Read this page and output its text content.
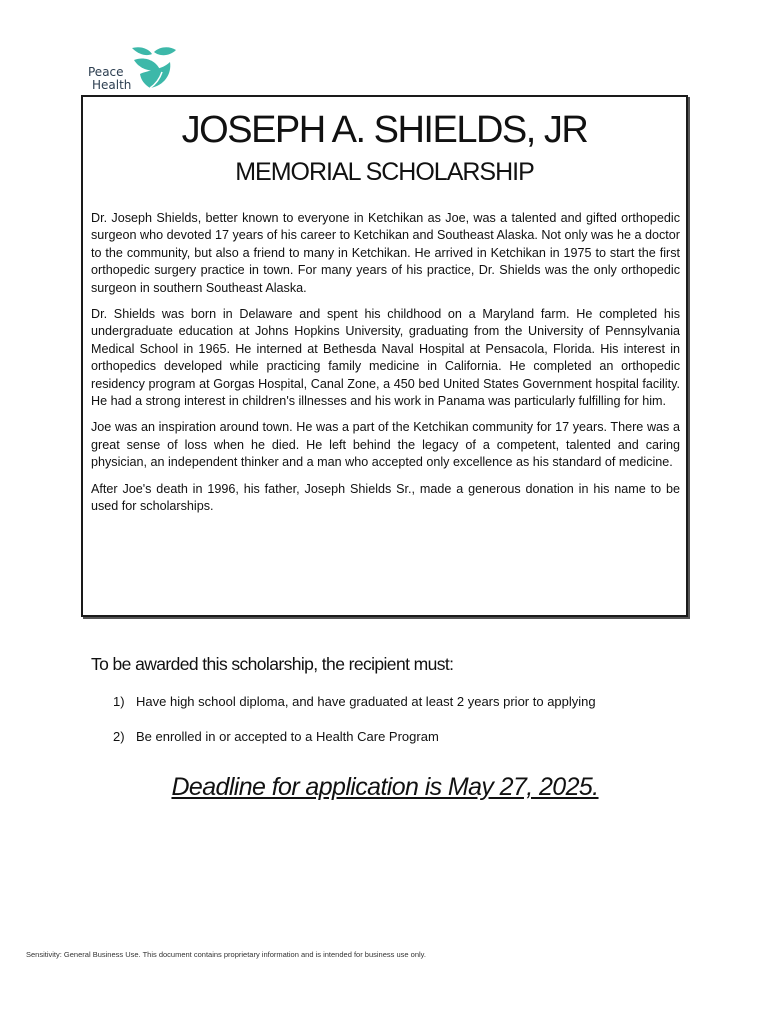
Peace
Health
JOSEPH A. SHIELDS, JR
MEMORIAL SCHOLARSHIP

Dr. Joseph Shields, better known to everyone in Ketchikan as Joe, was a talented and gifted orthopedic surgeon who devoted 17 years of his career to Ketchikan and Southeast Alaska. Not only was he a doctor to the community, but also a friend to many in Ketchikan. He arrived in Ketchikan in 1975 to start the first orthopedic surgery practice in town. For many years of his practice, Dr. Shields was the only orthopedic surgeon in southern Southeast Alaska.

Dr. Shields was born in Delaware and spent his childhood on a Maryland farm. He completed his undergraduate education at Johns Hopkins University, graduating from the University of Pennsylvania Medical School in 1965. He interned at Bethesda Naval Hospital at Pensacola, Florida. His interest in orthopedics developed while practicing family medicine in California. He completed an orthopedic residency program at Gorgas Hospital, Canal Zone, a 450 bed United States Government hospital facility. He had a strong interest in children's illnesses and his work in Panama was particularly fulfilling for him.

Joe was an inspiration around town. He was a part of the Ketchikan community for 17 years. There was a great sense of loss when he died. He left behind the legacy of a competent, talented and caring physician, an independent thinker and a man who accepted only excellence as his standard of medicine.

After Joe's death in 1996, his father, Joseph Shields Sr., made a generous donation in his name to be used for scholarships.

To be awarded this scholarship, the recipient must:
1) Have high school diploma, and have graduated at least 2 years prior to applying
2) Be enrolled in or accepted to a Health Care Program
Deadline for application is May 27, 2025.
Sensitivity: General Business Use. This document contains proprietary information and is intended for business use only.
